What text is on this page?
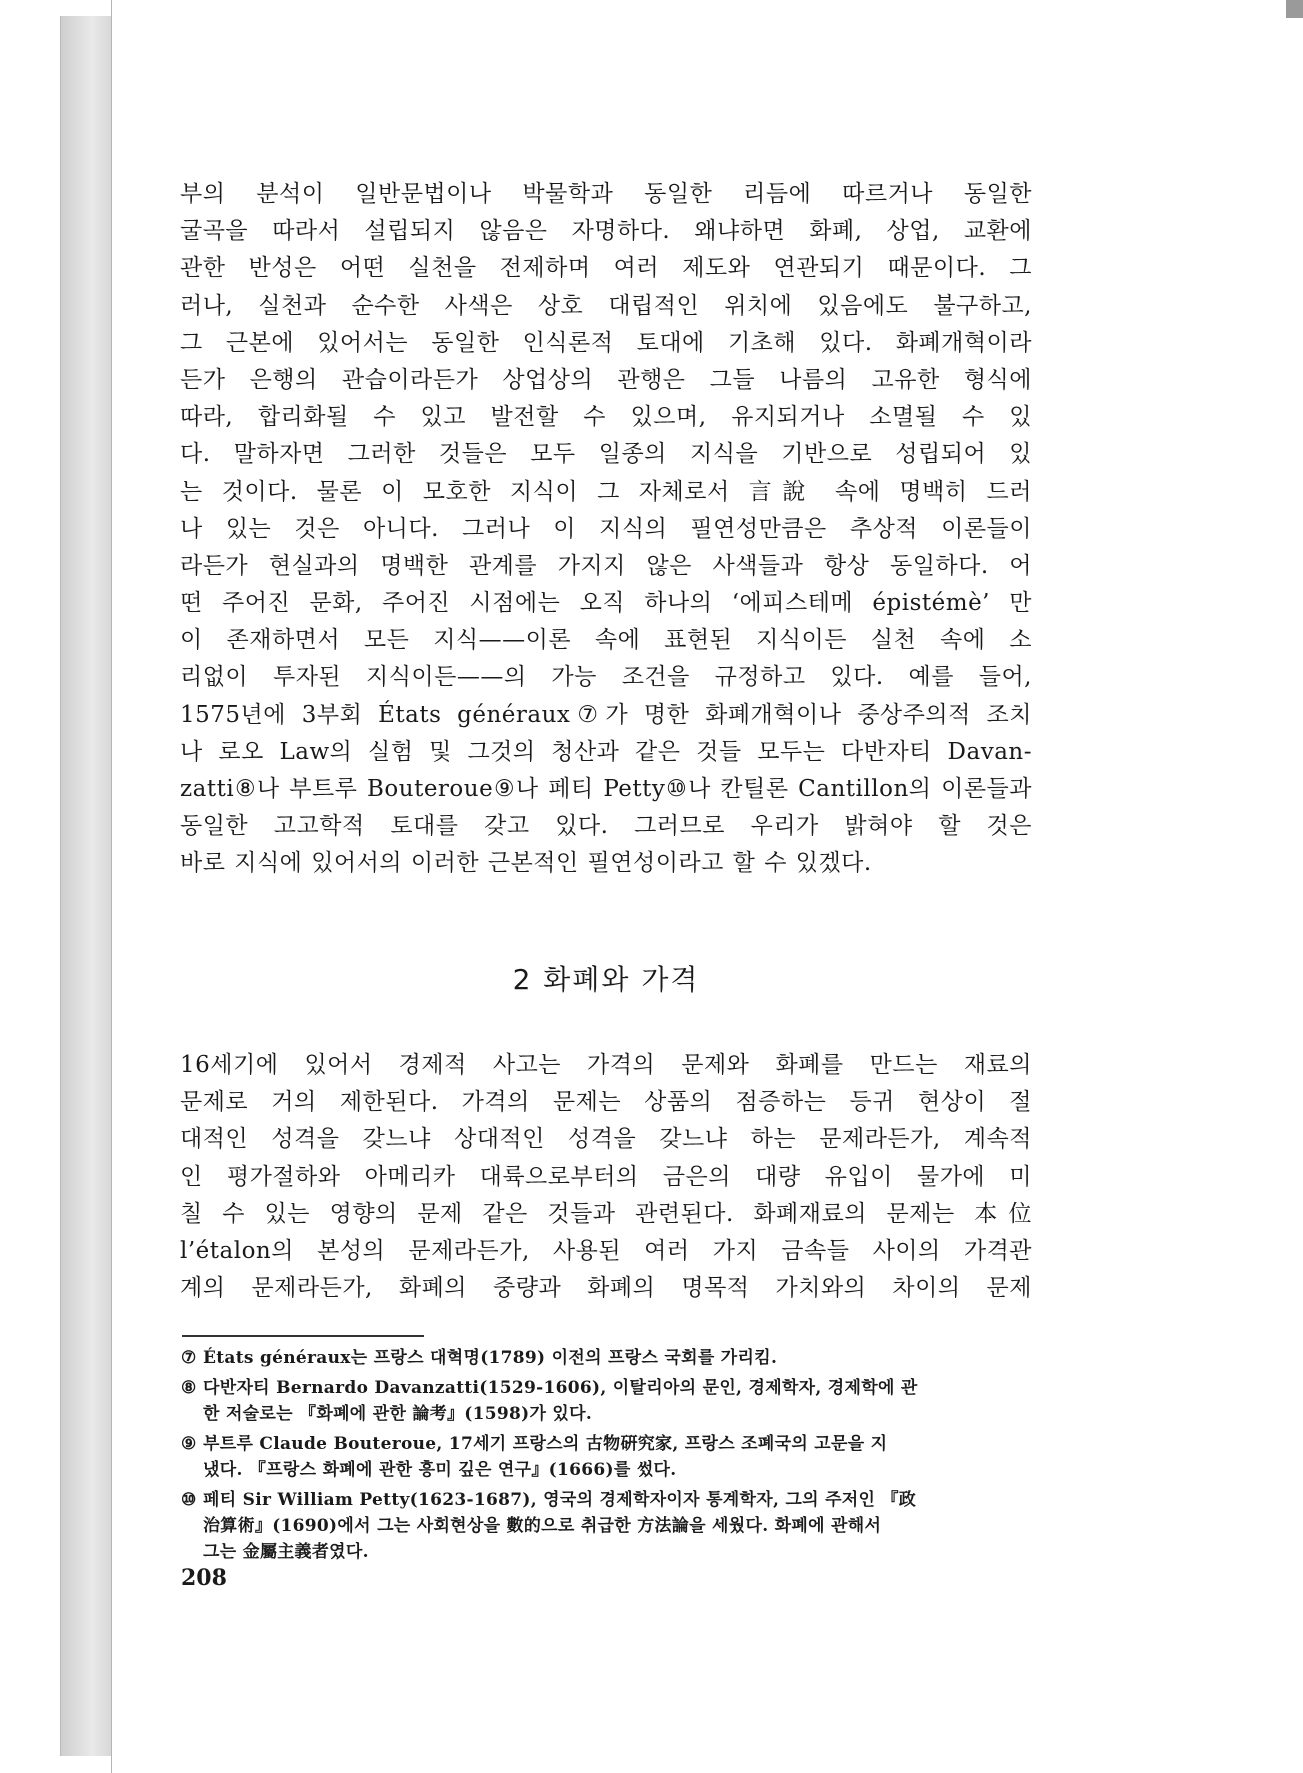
부의 분석이 일반문법이나 박물학과 동일한 리듬에 따르거나 동일한
굴곡을 따라서 설립되지 않음은 자명하다. 왜냐하면 화폐, 상업, 교환에
관한 반성은 어떤 실천을 전제하며 여러 제도와 연관되기 때문이다. 그
러나, 실천과 순수한 사색은 상호 대립적인 위치에 있음에도 불구하고,
그 근본에 있어서는 동일한 인식론적 토대에 기초해 있다. 화폐개혁이라
든가 은행의 관습이라든가 상업상의 관행은 그들 나름의 고유한 형식에
따라, 합리화될 수 있고 발전할 수 있으며, 유지되거나 소멸될 수 있
다. 말하자면 그러한 것들은 모두 일종의 지식을 기반으로 성립되어 있
는 것이다. 물론 이 모호한 지식이 그 자체로서 言說 속에 명백히 드러
나 있는 것은 아니다. 그러나 이 지식의 필연성만큼은 추상적 이론들이
라든가 현실과의 명백한 관계를 가지지 않은 사색들과 항상 동일하다. 어
떤 주어진 문화, 주어진 시점에는 오직 하나의 ‘에피스테메 épistémè’ 만
이 존재하면서 모든 지식——이론 속에 표현된 지식이든 실천 속에 소
리없이 투자된 지식이든——의 가능 조건을 규정하고 있다. 예를 들어,
1575년에 3부회 États généraux⑦가 명한 화폐개혁이나 중상주의적 조치
나 로오 Law의 실험 및 그것의 청산과 같은 것들 모두는 다반자티 Davan-
zatti⑧나 부트루 Bouteroue⑨나 페티 Petty⑩나 칸틸론 Cantillon의 이론들과
동일한 고고학적 토대를 갖고 있다. 그러므로 우리가 밝혀야 할 것은
바로 지식에 있어서의 이러한 근본적인 필연성이라고 할 수 있겠다.
2 화폐와 가격
16세기에 있어서 경제적 사고는 가격의 문제와 화폐를 만드는 재료의
문제로 거의 제한된다. 가격의 문제는 상품의 점증하는 등귀 현상이 절
대적인 성격을 갖느냐 상대적인 성격을 갖느냐 하는 문제라든가, 계속적
인 평가절하와 아메리카 대륙으로부터의 금은의 대량 유입이 물가에 미
칠 수 있는 영향의 문제 같은 것들과 관련된다. 화폐재료의 문제는 本位
l’étalon의 본성의 문제라든가, 사용된 여러 가지 금속들 사이의 가격관
계의 문제라든가, 화폐의 중량과 화폐의 명목적 가치와의 차이의 문제
⑦ États généraux는 프랑스 대혁명(1789) 이전의 프랑스 국회를 가리킴.
⑧ 다반자티 Bernardo Davanzatti(1529-1606), 이탈리아의 문인, 경제학자, 경제학에 관
한 저술로는 『화폐에 관한 論考』(1598)가 있다.
⑨ 부트루 Claude Bouteroue, 17세기 프랑스의 古物硏究家, 프랑스 조폐국의 고문을 지
냈다. 『프랑스 화폐에 관한 흥미 깊은 연구』(1666)를 썼다.
⑩ 페티 Sir William Petty(1623-1687), 영국의 경제학자이자 통계학자, 그의 주저인 『政
治算術』(1690)에서 그는 사회현상을 數的으로 취급한 方法論을 세웠다. 화폐에 관해서
그는 金屬主義者였다.
208
